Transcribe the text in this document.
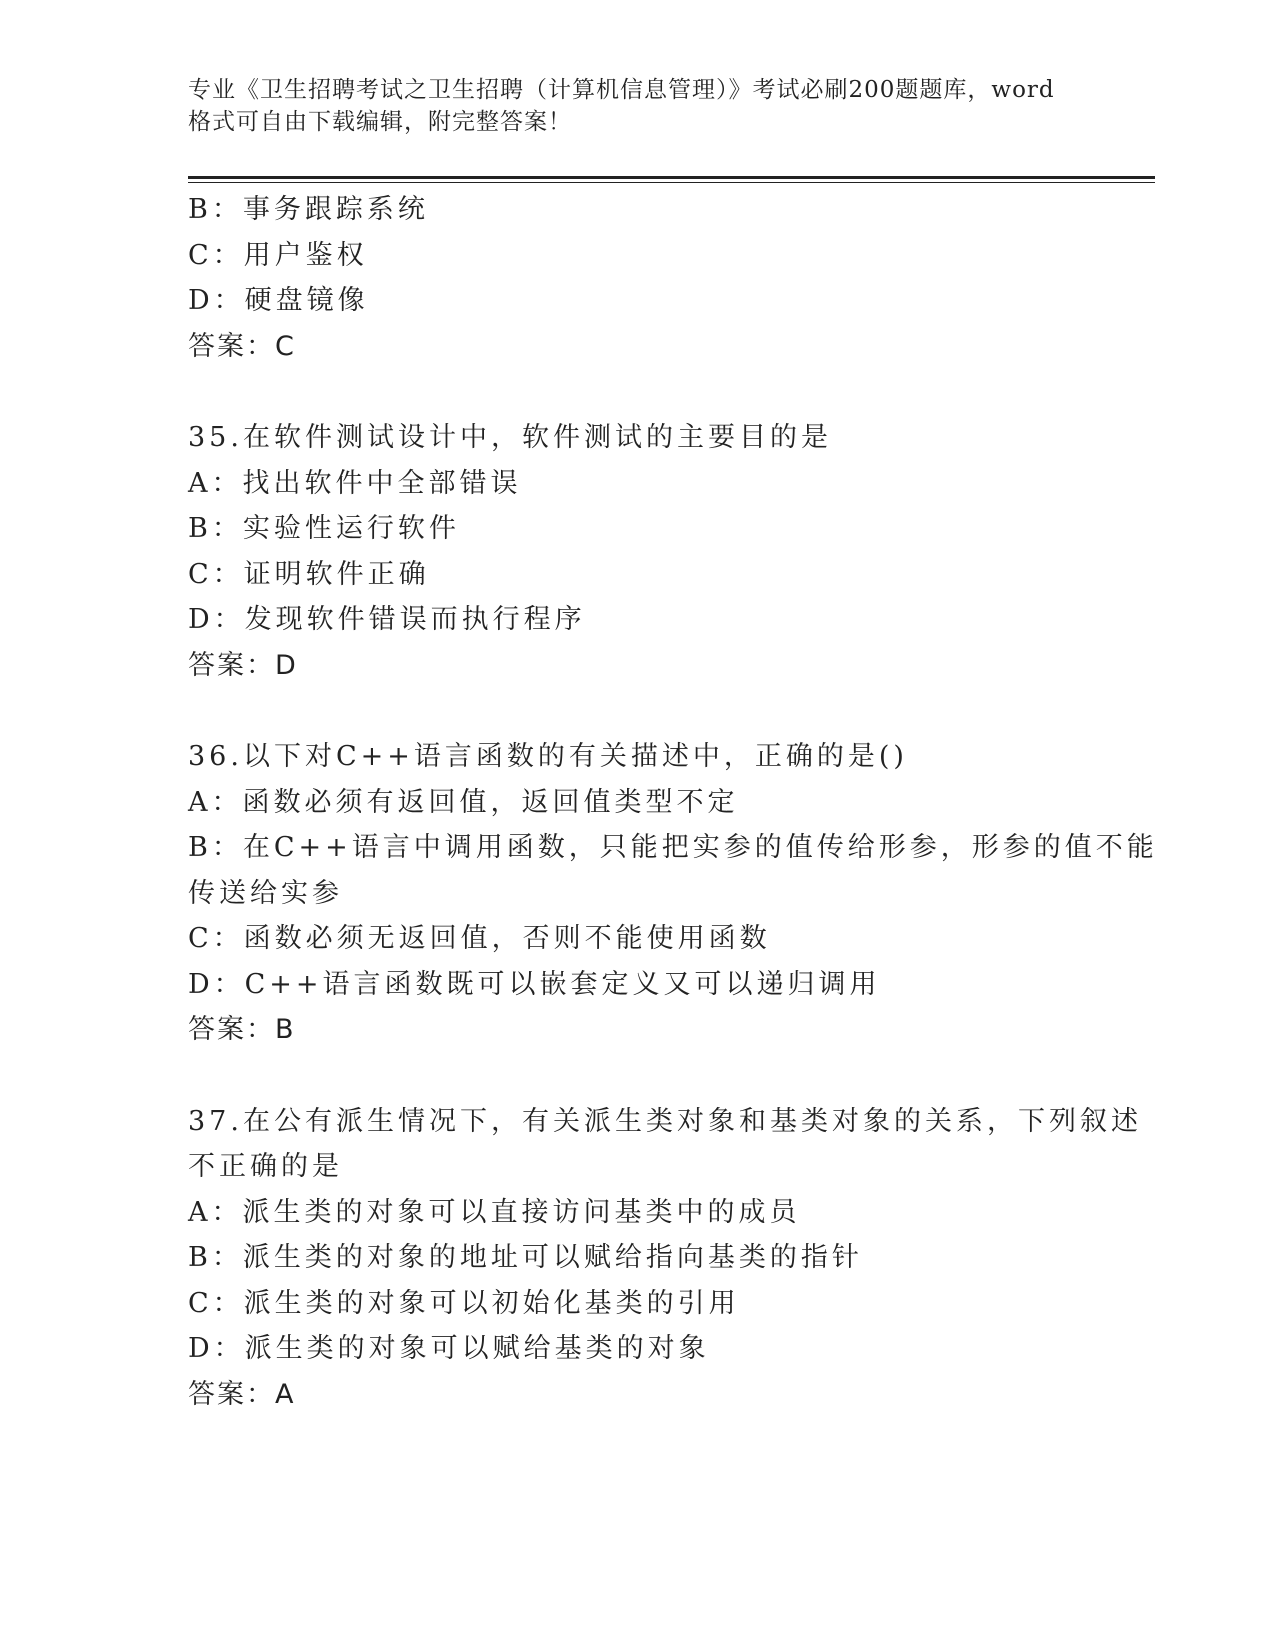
专业《卫生招聘考试之卫生招聘（计算机信息管理）》考试必刷200题题库，word
格式可自由下载编辑，附完整答案！
B：事务跟踪系统
C：用户鉴权
D：硬盘镜像
答案：C
35.在软件测试设计中，软件测试的主要目的是
A：找出软件中全部错误
B：实验性运行软件
C：证明软件正确
D：发现软件错误而执行程序
答案：D
36.以下对C++语言函数的有关描述中，正确的是()
A：函数必须有返回值，返回值类型不定
B：在C++语言中调用函数，只能把实参的值传给形参，形参的值不能
传送给实参
C：函数必须无返回值，否则不能使用函数
D：C++语言函数既可以嵌套定义又可以递归调用
答案：B
37.在公有派生情况下，有关派生类对象和基类对象的关系，下列叙述
不正确的是
A：派生类的对象可以直接访问基类中的成员
B：派生类的对象的地址可以赋给指向基类的指针
C：派生类的对象可以初始化基类的引用
D：派生类的对象可以赋给基类的对象
答案：A
